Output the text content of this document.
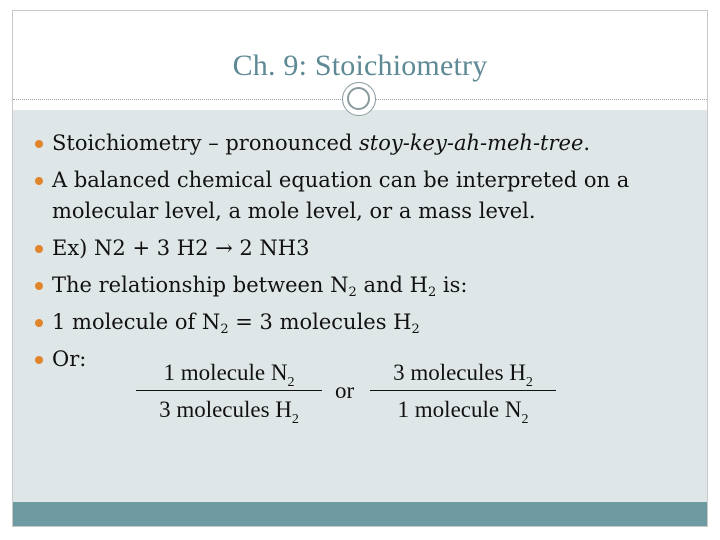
Ch. 9: Stoichiometry
Stoichiometry – pronounced stoy-key-ah-meh-tree.
A balanced chemical equation can be interpreted on a molecular level, a mole level, or a mass level.
Ex) N2 + 3 H2 → 2 NH3
The relationship between $N_2$ and $H_2$ is:
1 molecule of $N_2 = 3$ molecules $H_2$
Or:
1 molecule $N_2$
3 molecules $H_2$
or
3 molecules $H_2$
1 molecule $N_2$
